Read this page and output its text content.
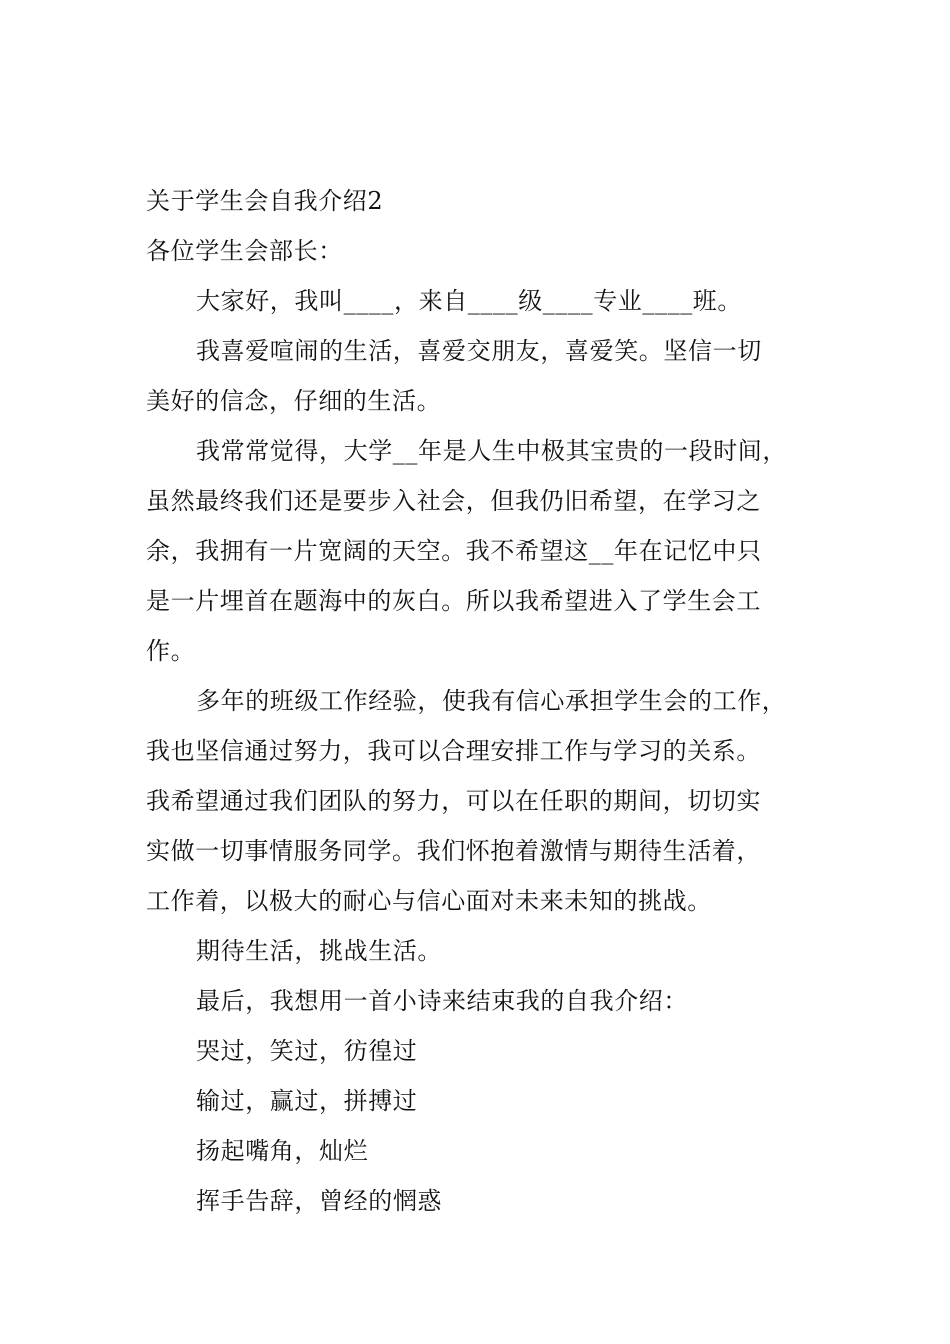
关于学生会自我介绍2
各位学生会部长：
大家好，我叫____，来自____级____专业____班。
我喜爱喧闹的生活，喜爱交朋友，喜爱笑。坚信一切
美好的信念，仔细的生活。
我常常觉得，大学__年是人生中极其宝贵的一段时间，
虽然最终我们还是要步入社会，但我仍旧希望，在学习之
余，我拥有一片宽阔的天空。我不希望这__年在记忆中只
是一片埋首在题海中的灰白。所以我希望进入了学生会工
作。
多年的班级工作经验，使我有信心承担学生会的工作，
我也坚信通过努力，我可以合理安排工作与学习的关系。
我希望通过我们团队的努力，可以在任职的期间，切切实
实做一切事情服务同学。我们怀抱着激情与期待生活着，
工作着，以极大的耐心与信心面对未来未知的挑战。
期待生活，挑战生活。
最后，我想用一首小诗来结束我的自我介绍：
哭过，笑过，彷徨过
输过，赢过，拼搏过
扬起嘴角，灿烂
挥手告辞，曾经的惘惑
